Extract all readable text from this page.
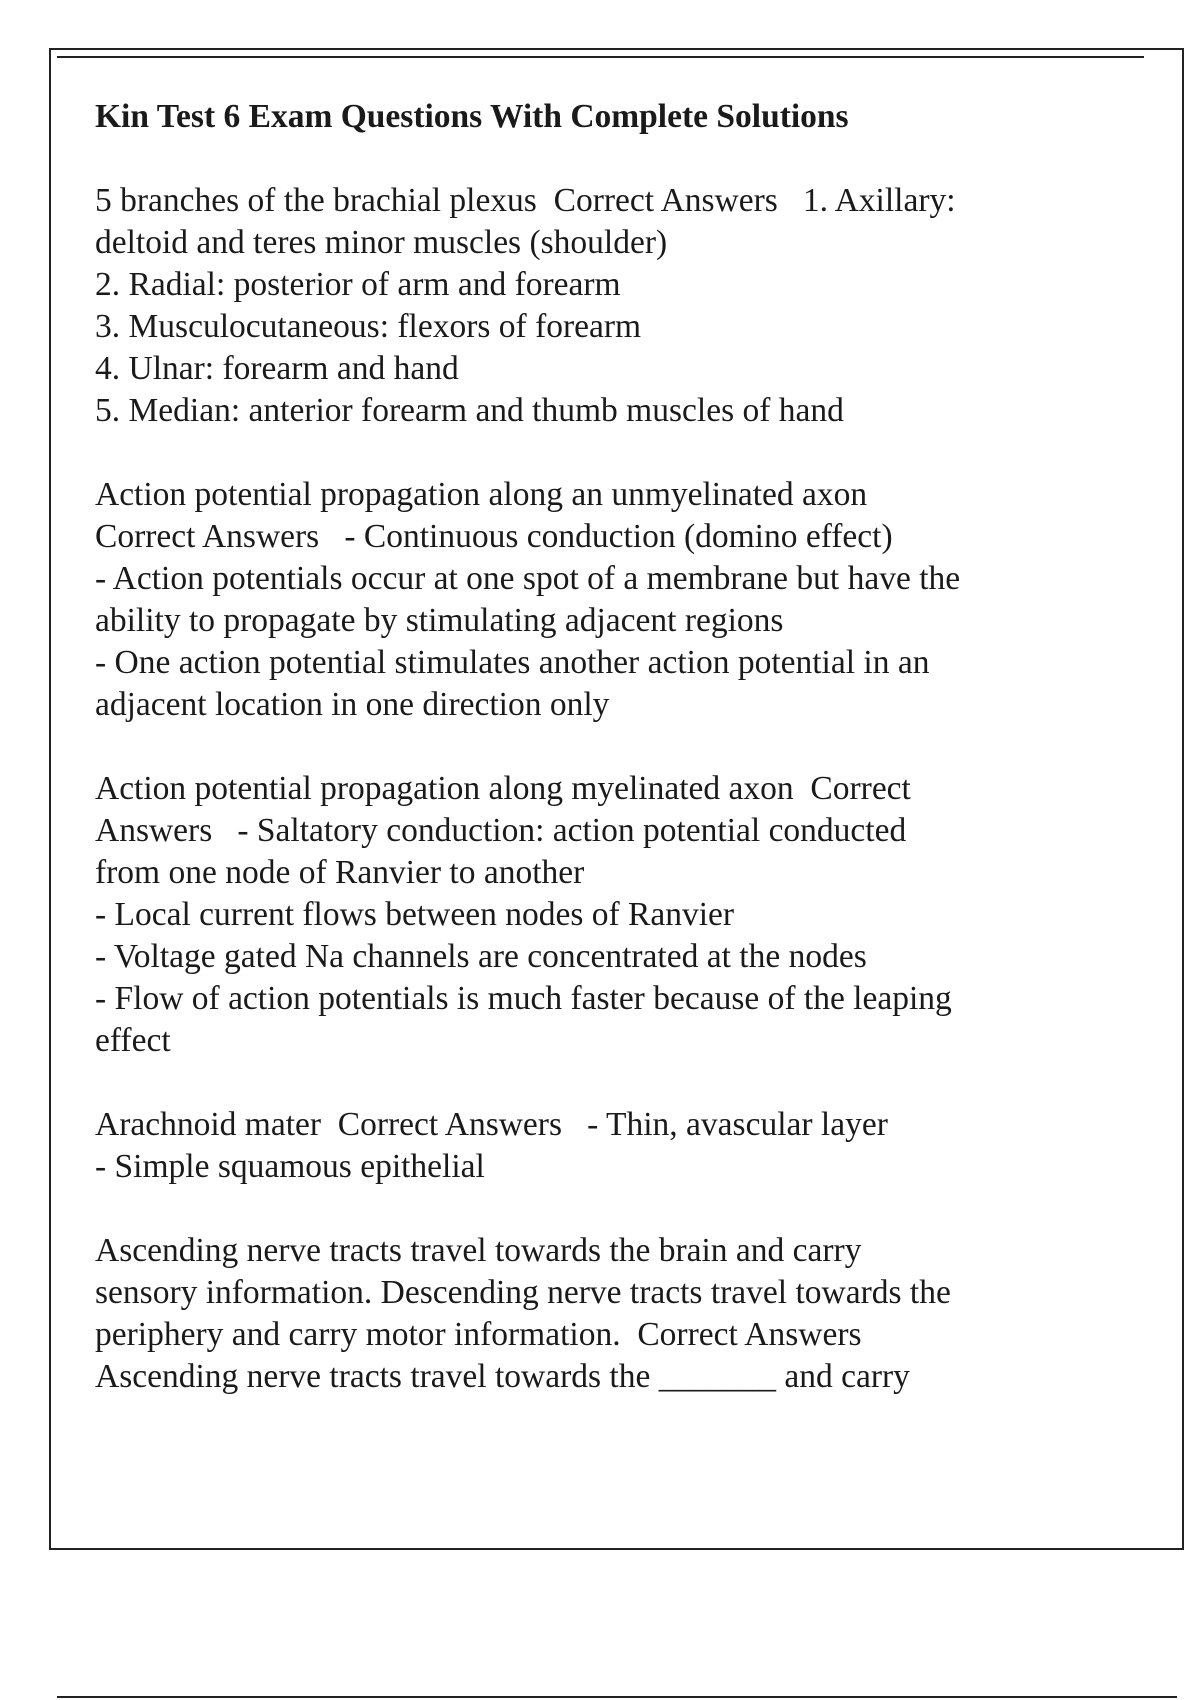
Kin Test 6 Exam Questions With Complete Solutions

5 branches of the brachial plexus  Correct Answers   1. Axillary:

deltoid and teres minor muscles (shoulder)

2. Radial: posterior of arm and forearm

3. Musculocutaneous: flexors of forearm

4. Ulnar: forearm and hand

5. Median: anterior forearm and thumb muscles of hand

Action potential propagation along an unmyelinated axon

Correct Answers   - Continuous conduction (domino effect)

- Action potentials occur at one spot of a membrane but have the

ability to propagate by stimulating adjacent regions

- One action potential stimulates another action potential in an

adjacent location in one direction only

Action potential propagation along myelinated axon  Correct

Answers   - Saltatory conduction: action potential conducted

from one node of Ranvier to another

- Local current flows between nodes of Ranvier

- Voltage gated Na channels are concentrated at the nodes

- Flow of action potentials is much faster because of the leaping

effect

Arachnoid mater  Correct Answers   - Thin, avascular layer

- Simple squamous epithelial

Ascending nerve tracts travel towards the brain and carry

sensory information. Descending nerve tracts travel towards the

periphery and carry motor information.  Correct Answers

Ascending nerve tracts travel towards the _______ and carry
